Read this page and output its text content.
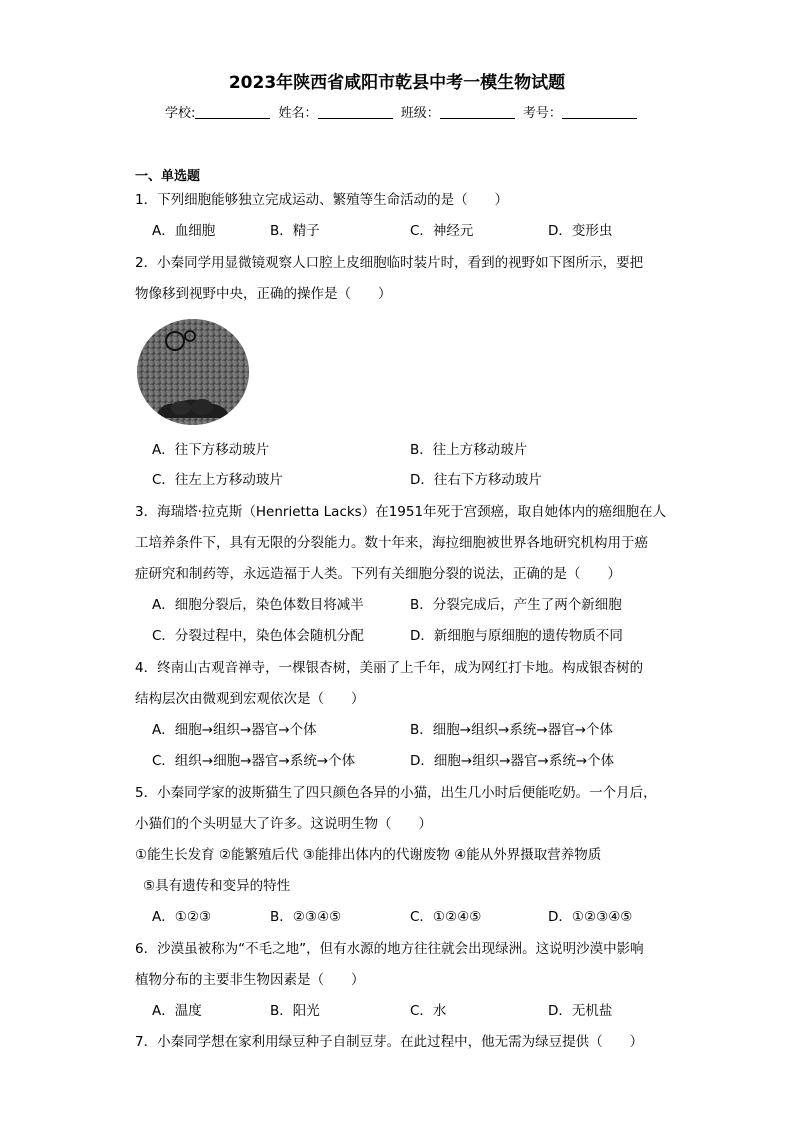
2023年陕西省咸阳市乾县中考一模生物试题
学校:	姓名：	班级：	考号：
一、单选题
1．下列细胞能够独立完成运动、繁殖等生命活动的是（　　）
A．血细胞	B．精子	C．神经元	D．变形虫
2．小秦同学用显微镜观察人口腔上皮细胞临时装片时，看到的视野如下图所示，要把
物像移到视野中央，正确的操作是（　　）
A．往下方移动玻片	B．往上方移动玻片
C．往左上方移动玻片	D．往右下方移动玻片
3．海瑞塔·拉克斯（Henrietta Lacks）在1951年死于宫颈癌，取自她体内的癌细胞在人
工培养条件下，具有无限的分裂能力。数十年来，海拉细胞被世界各地研究机构用于癌
症研究和制药等，永远造福于人类。下列有关细胞分裂的说法，正确的是（　　）
A．细胞分裂后，染色体数目将减半	B．分裂完成后，产生了两个新细胞
C．分裂过程中，染色体会随机分配	D．新细胞与原细胞的遗传物质不同
4．终南山古观音禅寺，一棵银杏树，美丽了上千年，成为网红打卡地。构成银杏树的
结构层次由微观到宏观依次是（　　）
A．细胞→组织→器官→个体	B．细胞→组织→系统→器官→个体
C．组织→细胞→器官→系统→个体	D．细胞→组织→器官→系统→个体
5．小秦同学家的波斯猫生了四只颜色各异的小猫，出生几小时后便能吃奶。一个月后，
小猫们的个头明显大了许多。这说明生物（　　）
①能生长发育 ②能繁殖后代 ③能排出体内的代谢废物 ④能从外界摄取营养物质
⑤具有遗传和变异的特性
A．①②③	B．②③④⑤	C．①②④⑤	D．①②③④⑤
6．沙漠虽被称为“不毛之地”，但有水源的地方往往就会出现绿洲。这说明沙漠中影响
植物分布的主要非生物因素是（　　）
A．温度	B．阳光	C．水	D．无机盐
7．小秦同学想在家利用绿豆种子自制豆芽。在此过程中，他无需为绿豆提供（　　）
